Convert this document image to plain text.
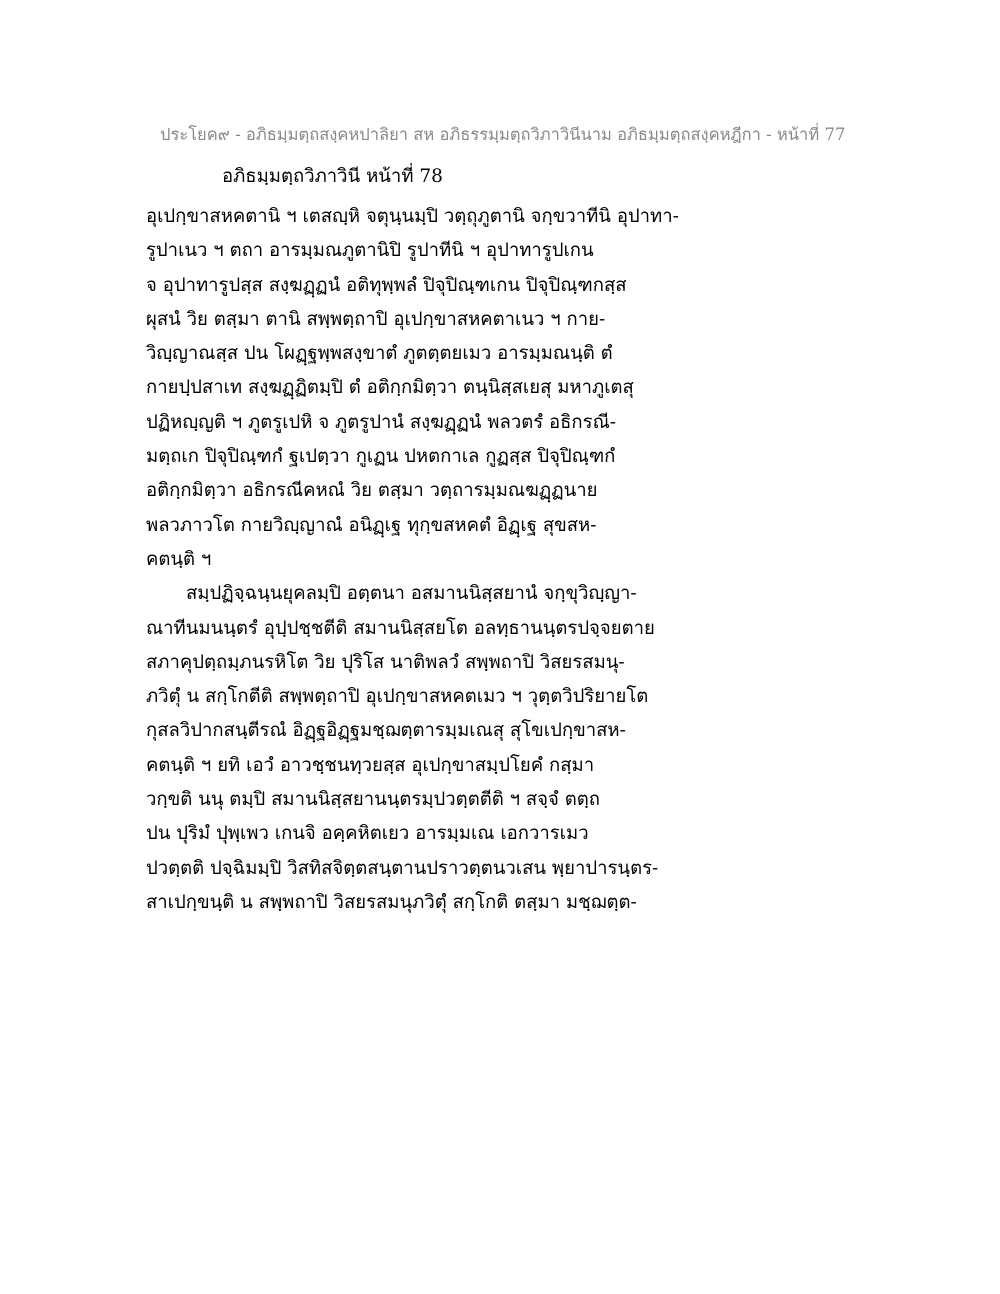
ประโยค๙ - อภิธมฺมตฺถสงฺคหปาลิยา สห อภิธรรมฺมตฺถวิภาวินีนาม อภิธมฺมตฺถสงฺคหฎีกา - หน้าที่ 77
อภิธมฺมตฺถวิภาวินี หน้าที่ 78
อุเปกฺขาสหคตานิ ฯ เตสญฺหิ จตุนฺนมฺปิ วตฺถุภูตานิ จกฺขวาทีนิ อุปาทา-
รูปาเนว ฯ ตถา อารมฺมณภูตานิปิ รูปาทีนิ ฯ อุปาทารูปเกน
จ อุปาทารูปสฺส สงฺฆฏฺฏนํ อติทุพฺพลํ ปิจุปิณฺฑเกน ปิจุปิณฺฑกสฺส
ผุสนํ วิย ตสฺมา ตานิ สพฺพตฺถาปิ อุเปกฺขาสหคตาเนว ฯ กาย-
วิญฺญาณสฺส ปน โผฏฺฐพฺพสงฺขาตํ ภูตตฺตยเมว อารมฺมณนฺติ ตํ
กายปฺปสาเท สงฺฆฏฺฏิตมฺปิ ตํ อติกฺกมิตฺวา ตนฺนิสฺสเยสุ มหาภูเตสุ
ปฏิหญฺญติ ฯ ภูตรูเปหิ จ ภูตรูปานํ สงฺฆฏฺฏนํ พลวตรํ อธิกรณี-
มตฺถเก ปิจุปิณฺฑกํ ฐเปตฺวา กูเฏน ปหตกาเล กูฏสฺส ปิจุปิณฺฑกํ
อติกฺกมิตฺวา อธิกรณีคหณํ วิย ตสฺมา วตฺถารมฺมณฆฏฺฏนาย
พลวภาวโต กายวิญฺญาณํ อนิฏฺเฐ ทุกฺขสหคตํ อิฏฺเฐ สุขสห-
คตนฺติ ฯ
สมฺปฏิจฺฉนฺนยุคลมฺปิ อตฺตนา อสมานนิสฺสยานํ จกฺขุวิญฺญา-
ณาทีนมนนฺตรํ อุปฺปชฺชตีติ สมานนิสฺสยโต อลทฺธานนฺตรปจฺจยตาย
สภาคุปตฺถมฺภนรหิโต วิย ปุริโส นาติพลวํ สพฺพถาปิ วิสยรสมนุ-
ภวิตุํ น สกฺโกตีติ สพฺพตฺถาปิ อุเปกฺขาสหคตเมว ฯ วุตฺตวิปริยายโต
กุสลวิปากสนฺตีรณํ อิฏฺฐอิฏฺฐมชฺฌตฺตารมฺมเณสุ สุโขเปกฺขาสห-
คตนฺติ ฯ ยทิ เอวํ อาวชฺชนทฺวยสฺส อุเปกฺขาสมฺปโยคํ กสฺมา
วกฺขติ นนุ ตมฺปิ สมานนิสฺสยานนฺตรมฺปวตฺตตีติ ฯ สจฺจํ ตตฺถ
ปน ปุริมํ ปุพฺเพว เกนจิ อคฺคหิตเยว อารมฺมเณ เอกวารเมว
ปวตฺตติ ปจฺฉิมมฺปิ วิสทิสจิตฺตสนฺตานปราวตฺตนวเสน พฺยาปารนฺตร-
สาเปกฺขนฺติ น สพฺพถาปิ วิสยรสมนุภวิตุํ สกฺโกติ ตสฺมา มชฺฌตฺต-
